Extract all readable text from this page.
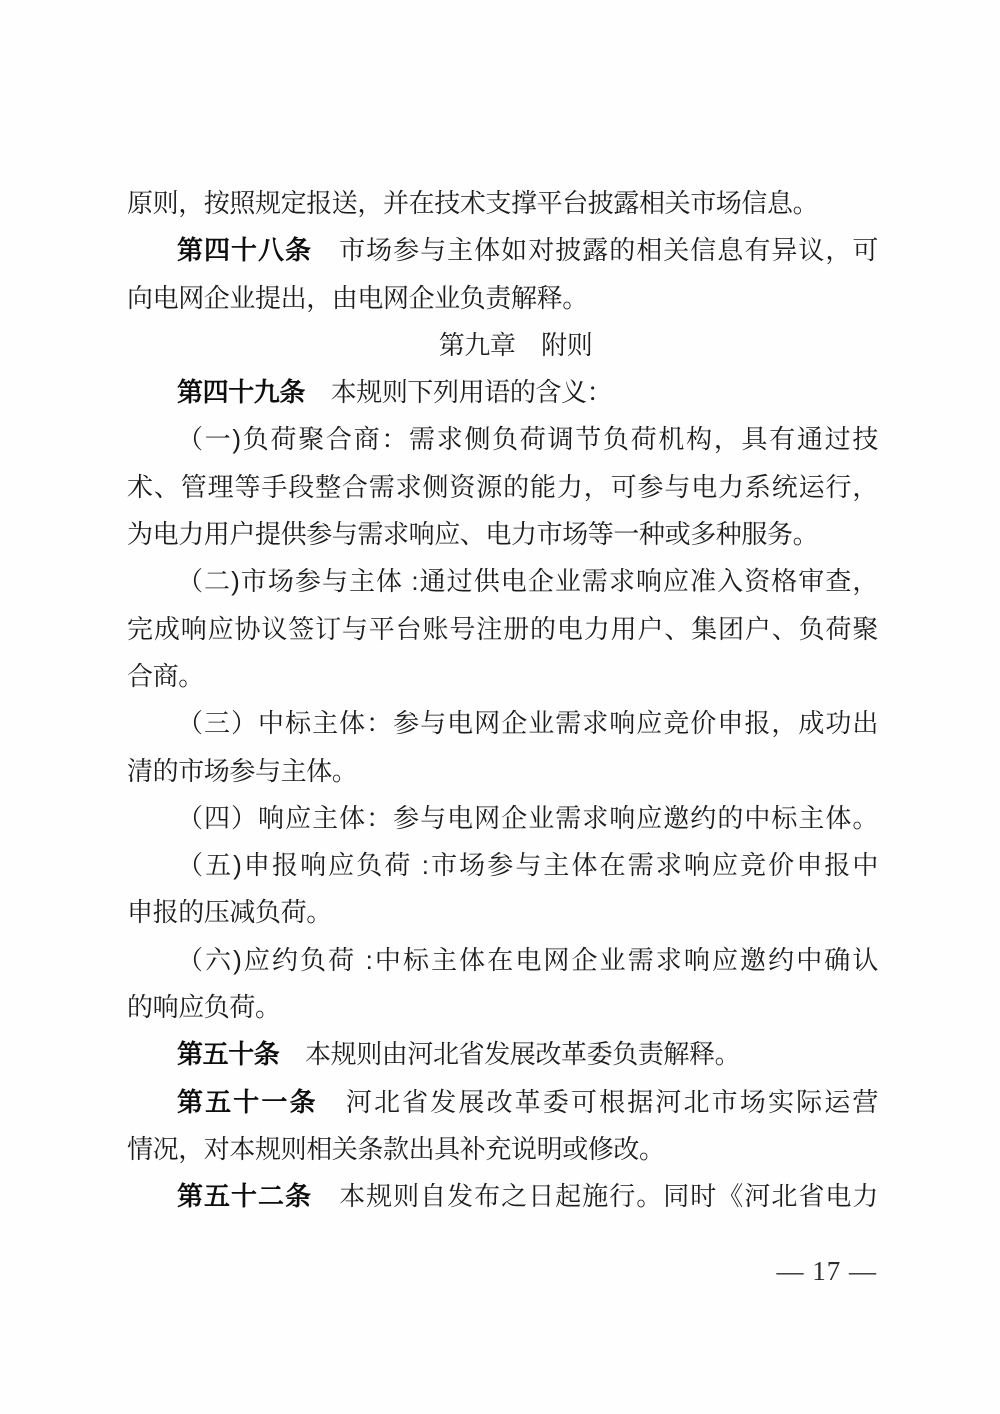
原则，按照规定报送，并在技术支撑平台披露相关市场信息。
第四十八条　市场参与主体如对披露的相关信息有异议，可
向电网企业提出，由电网企业负责解释。
第九章　附则
第四十九条　本规则下列用语的含义：
（一)负荷聚合商：需求侧负荷调节负荷机构，具有通过技
术、管理等手段整合需求侧资源的能力，可参与电力系统运行，
为电力用户提供参与需求响应、电力市场等一种或多种服务。
（二)市场参与主体 :通过供电企业需求响应准入资格审查，
完成响应协议签订与平台账号注册的电力用户、集团户、负荷聚
合商。
（三）中标主体：参与电网企业需求响应竞价申报，成功出
清的市场参与主体。
（四）响应主体：参与电网企业需求响应邀约的中标主体。
（五)申报响应负荷 :市场参与主体在需求响应竞价申报中
申报的压减负荷。
（六)应约负荷 :中标主体在电网企业需求响应邀约中确认
的响应负荷。
第五十条　本规则由河北省发展改革委负责解释。
第五十一条　河北省发展改革委可根据河北市场实际运营
情况，对本规则相关条款出具补充说明或修改。
第五十二条　本规则自发布之日起施行。同时《河北省电力
— 17 —
